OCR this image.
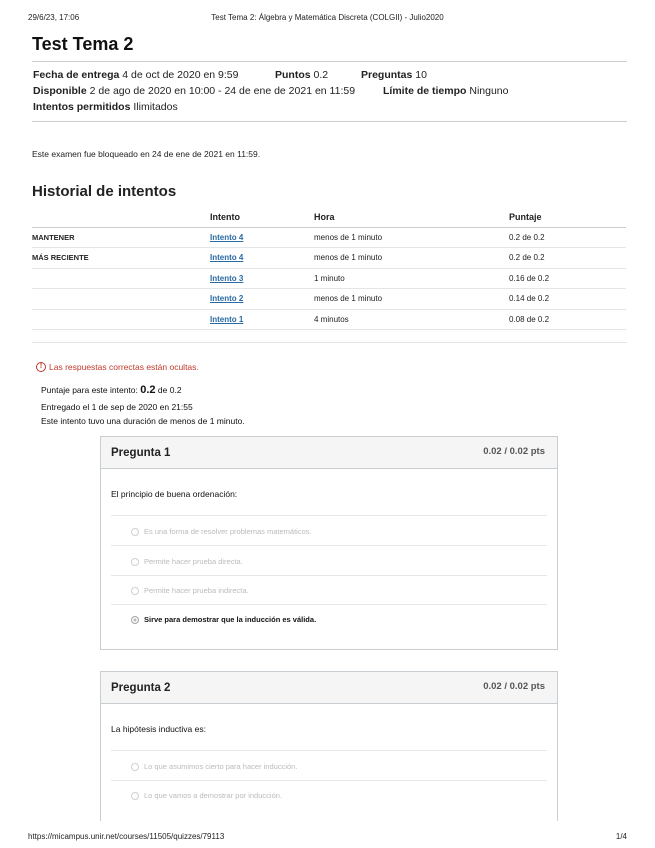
29/6/23, 17:06	Test Tema 2: Álgebra y Matemática Discreta (COLGII) - Julio2020
Test Tema 2
Fecha de entrega 4 de oct de 2020 en 9:59	Puntos 0.2	Preguntas 10
Disponible 2 de ago de 2020 en 10:00 - 24 de ene de 2021 en 11:59	Límite de tiempo Ninguno
Intentos permitidos Ilimitados

Este examen fue bloqueado en 24 de ene de 2021 en 11:59.

Historial de intentos
	Intento	Hora	Puntaje
MANTENER	Intento 4	menos de 1 minuto	0.2 de 0.2
MÁS RECIENTE	Intento 4	menos de 1 minuto	0.2 de 0.2
	Intento 3	1 minuto	0.16 de 0.2
	Intento 2	menos de 1 minuto	0.14 de 0.2
	Intento 1	4 minutos	0.08 de 0.2
! Las respuestas correctas están ocultas.
Puntaje para este intento: 0.2 de 0.2
Entregado el 1 de sep de 2020 en 21:55
Este intento tuvo una duración de menos de 1 minuto.
Pregunta 1	0.02 / 0.02 pts

El principio de buena ordenación:

Es una forma de resolver problemas matemáticos.
Permite hacer prueba directa.
Permite hacer prueba indirecta.
Sirve para demostrar que la inducción es válida.
Pregunta 2	0.02 / 0.02 pts

La hipótesis inductiva es:

Lo que asumimos cierto para hacer inducción.
Lo que vamos a demostrar por inducción.
https://micampus.unir.net/courses/11505/quizzes/79113	1/4
